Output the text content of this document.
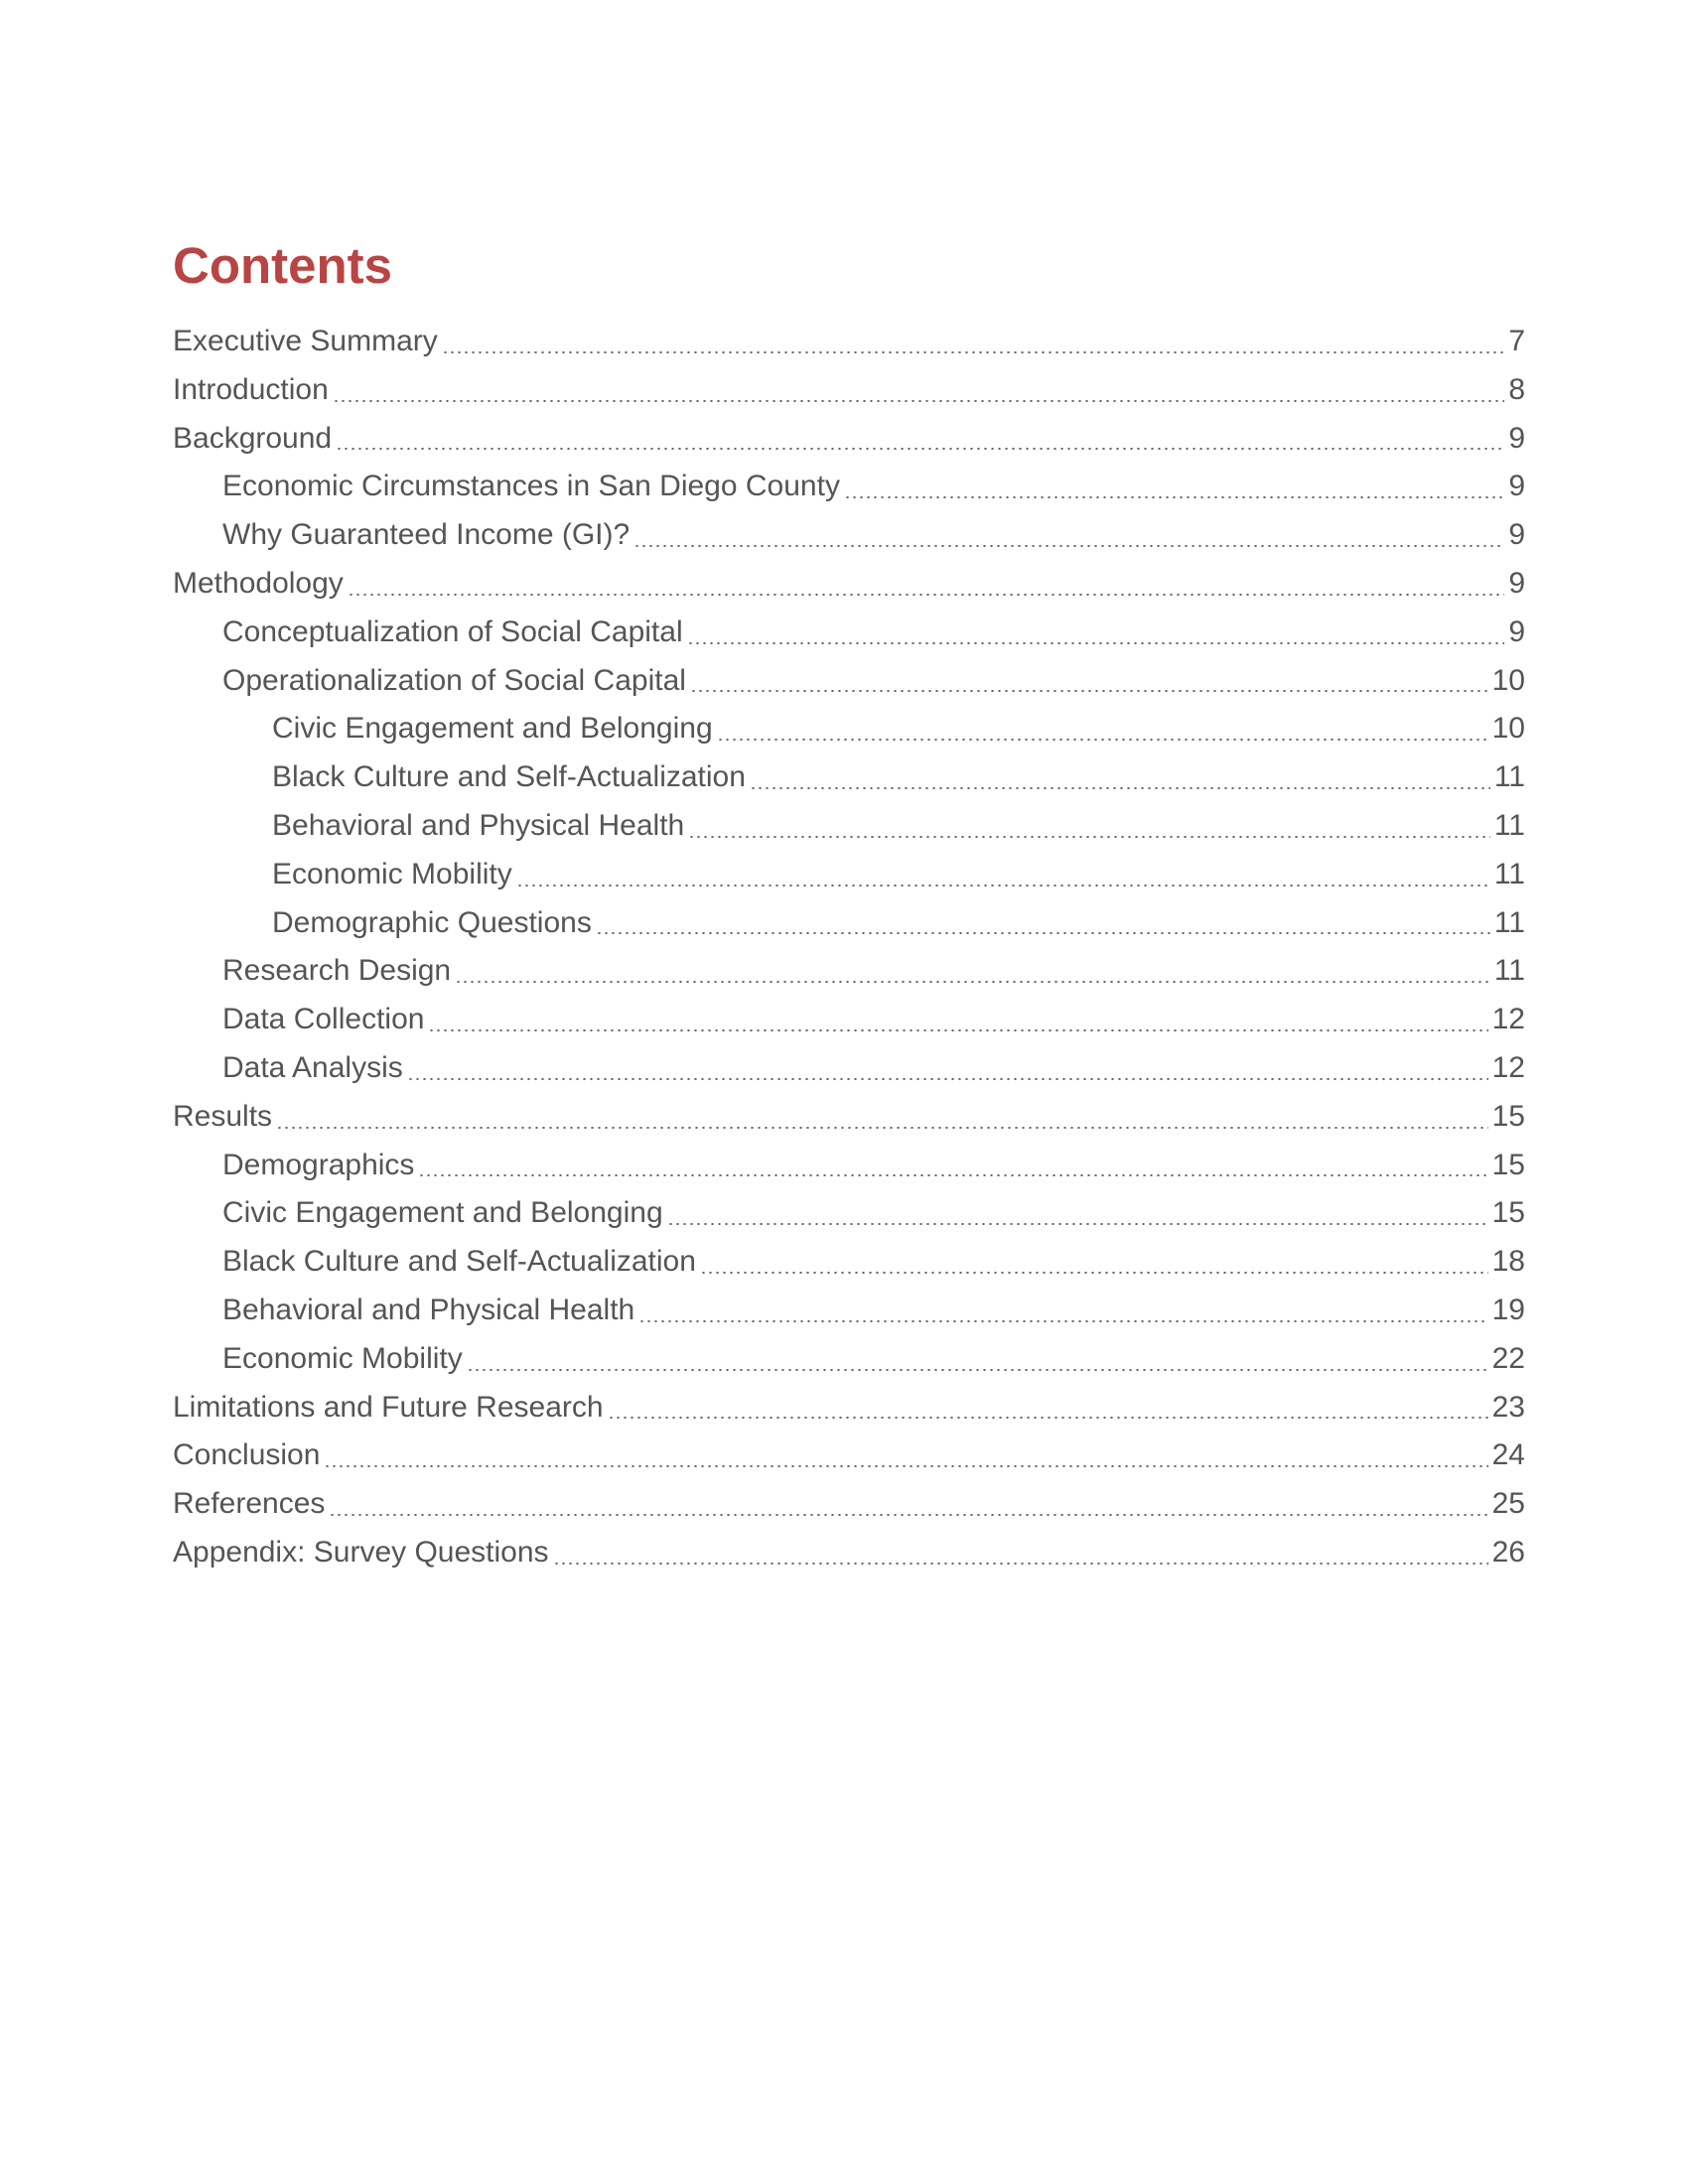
Contents
Executive Summary	7
Introduction	8
Background	9
Economic Circumstances in San Diego County	9
Why Guaranteed Income (GI)?	9
Methodology	9
Conceptualization of Social Capital	9
Operationalization of Social Capital	10
Civic Engagement and Belonging	10
Black Culture and Self-Actualization	11
Behavioral and Physical Health	11
Economic Mobility	11
Demographic Questions	11
Research Design	11
Data Collection	12
Data Analysis	12
Results	15
Demographics	15
Civic Engagement and Belonging	15
Black Culture and Self-Actualization	18
Behavioral and Physical Health	19
Economic Mobility	22
Limitations and Future Research	23
Conclusion	24
References	25
Appendix: Survey Questions	26
